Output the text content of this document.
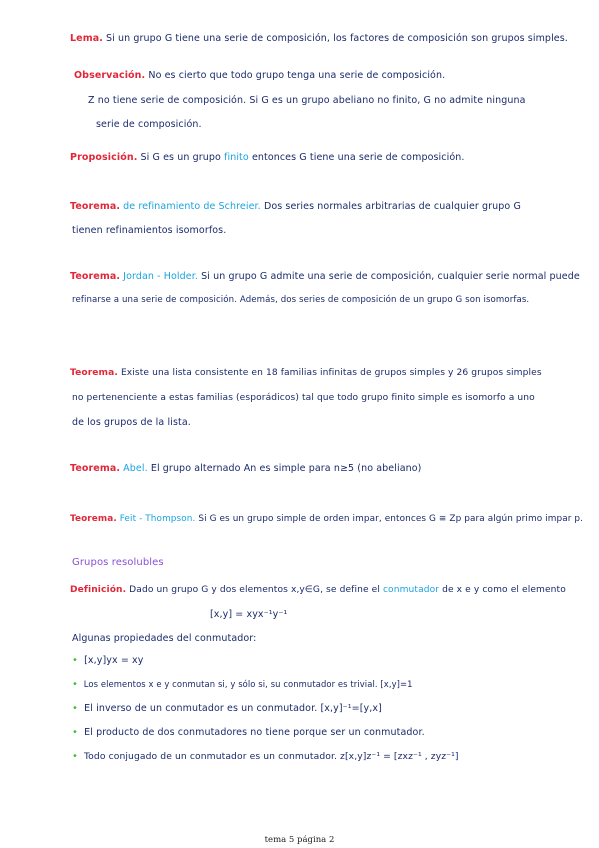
Lema. Si un grupo G tiene una serie de composición, los factores de composición son grupos simples.
Observación. No es cierto que todo grupo tenga una serie de composición.
Z no tiene serie de composición. Si G es un grupo abeliano no finito, G no admite ninguna
serie de composición.
Proposición. Si G es un grupo finito entonces G tiene una serie de composición.
Teorema. de refinamiento de Schreier. Dos series normales arbitrarias de cualquier grupo G
tienen refinamientos isomorfos.
Teorema. Jordan - Holder. Si un grupo G admite una serie de composición, cualquier serie normal puede
refinarse a una serie de composición. Además, dos series de composición de un grupo G son isomorfas.
Teorema. Existe una lista consistente en 18 familias infinitas de grupos simples y 26 grupos simples
no pertenenciente a estas familias (esporádicos) tal que todo grupo finito simple es isomorfo a uno
de los grupos de la lista.
Teorema. Abel. El grupo alternado An es simple para n≥5 (no abeliano)
Teorema. Feit - Thompson. Si G es un grupo simple de orden impar, entonces G ≅ Zp para algún primo impar p.
Grupos resolubles
Definición. Dado un grupo G y dos elementos x,y∈G, se define el conmutador de x e y como el elemento
[x,y] = xyx⁻¹y⁻¹
Algunas propiedades del conmutador:
• [x,y]yx = xy
• Los elementos x e y conmutan si, y sólo si, su conmutador es trivial. [x,y]=1
• El inverso de un conmutador es un conmutador. [x,y]⁻¹=[y,x]
• El producto de dos conmutadores no tiene porque ser un conmutador.
• Todo conjugado de un conmutador es un conmutador. z[x,y]z⁻¹ = [zxz⁻¹ , zyz⁻¹]
tema 5 página 2
